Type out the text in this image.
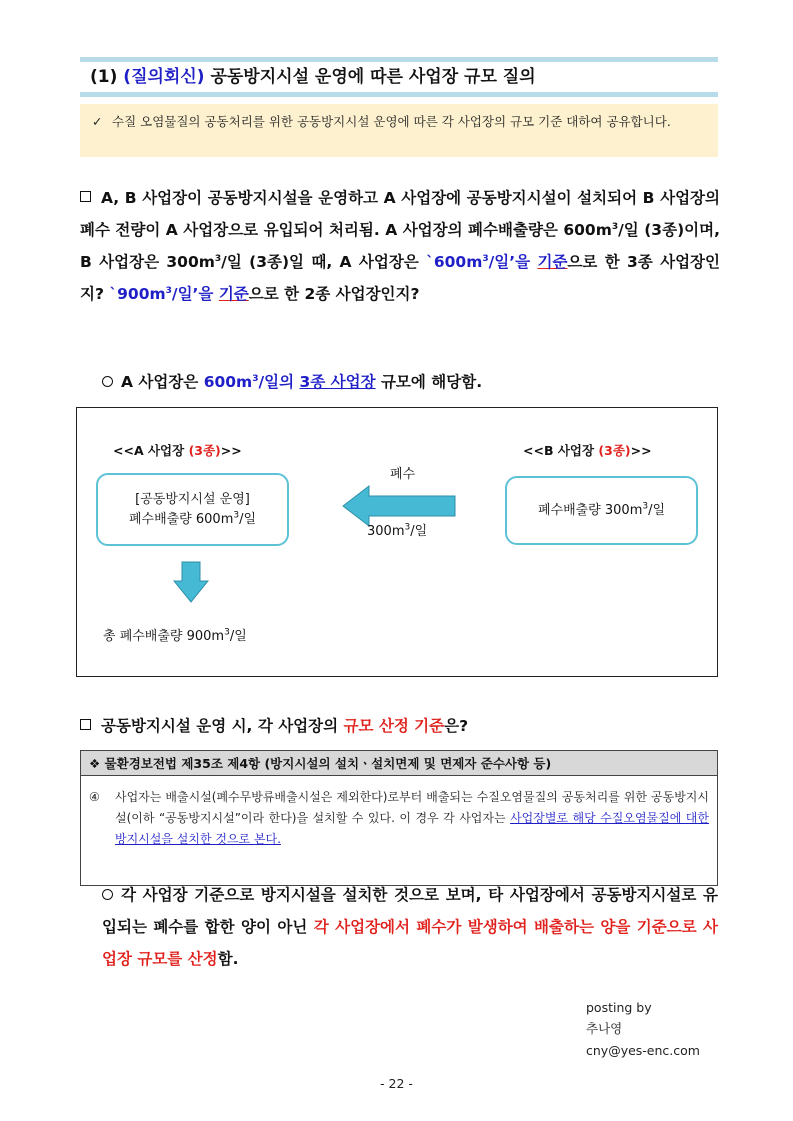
(1) (질의회신) 공동방지시설 운영에 따른 사업장 규모 질의
✓ 수질 오염물질의 공동처리를 위한 공동방지시설 운영에 따른 각 사업장의 규모 기준 대하여 공유합니다.
A, B 사업장이 공동방지시설을 운영하고 A 사업장에 공동방지시설이 설치되어 B 사업장의 폐수 전량이 A 사업장으로 유입되어 처리됨. A 사업장의 폐수배출량은 $600m^3/$일 (3종)이며, B 사업장은 $300m^3/$일 (3종)일 때, A 사업장은 $`600m^3/$일’을 기준으로 한 3종 사업장인지? $`900m^3/$일’을 기준으로 한 2종 사업장인지?
A 사업장은 $600m^3/$일의 3종 사업장 규모에 해당함.
<<A 사업장 (3종)>>	<<B 사업장 (3종)>>
[공동방지시설 운영]
폐수배출량 $600m^3/$일
폐수배출량 $300m^3/$일
폐수
$300m^3/$일
총 폐수배출량 $900m^3/$일
공동방지시설 운영 시, 각 사업장의 규모 산정 기준은?
❖ 물환경보전법 제35조 제4항 (방지시설의 설치ㆍ설치면제 및 면제자 준수사항 등)
④ 사업자는 배출시설(폐수무방류배출시설은 제외한다)로부터 배출되는 수질오염물질의 공동처리를 위한 공동방지시설(이하 “공동방지시설”이라 한다)을 설치할 수 있다. 이 경우 각 사업자는 사업장별로 해당 수질오염물질에 대한 방지시설을 설치한 것으로 본다.
각 사업장 기준으로 방지시설을 설치한 것으로 보며, 타 사업장에서 공동방지시설로 유입되는 폐수를 합한 양이 아닌 각 사업장에서 폐수가 발생하여 배출하는 양을 기준으로 사업장 규모를 산정함.
posting by
추나영
cny@yes-enc.com
- 22 -
